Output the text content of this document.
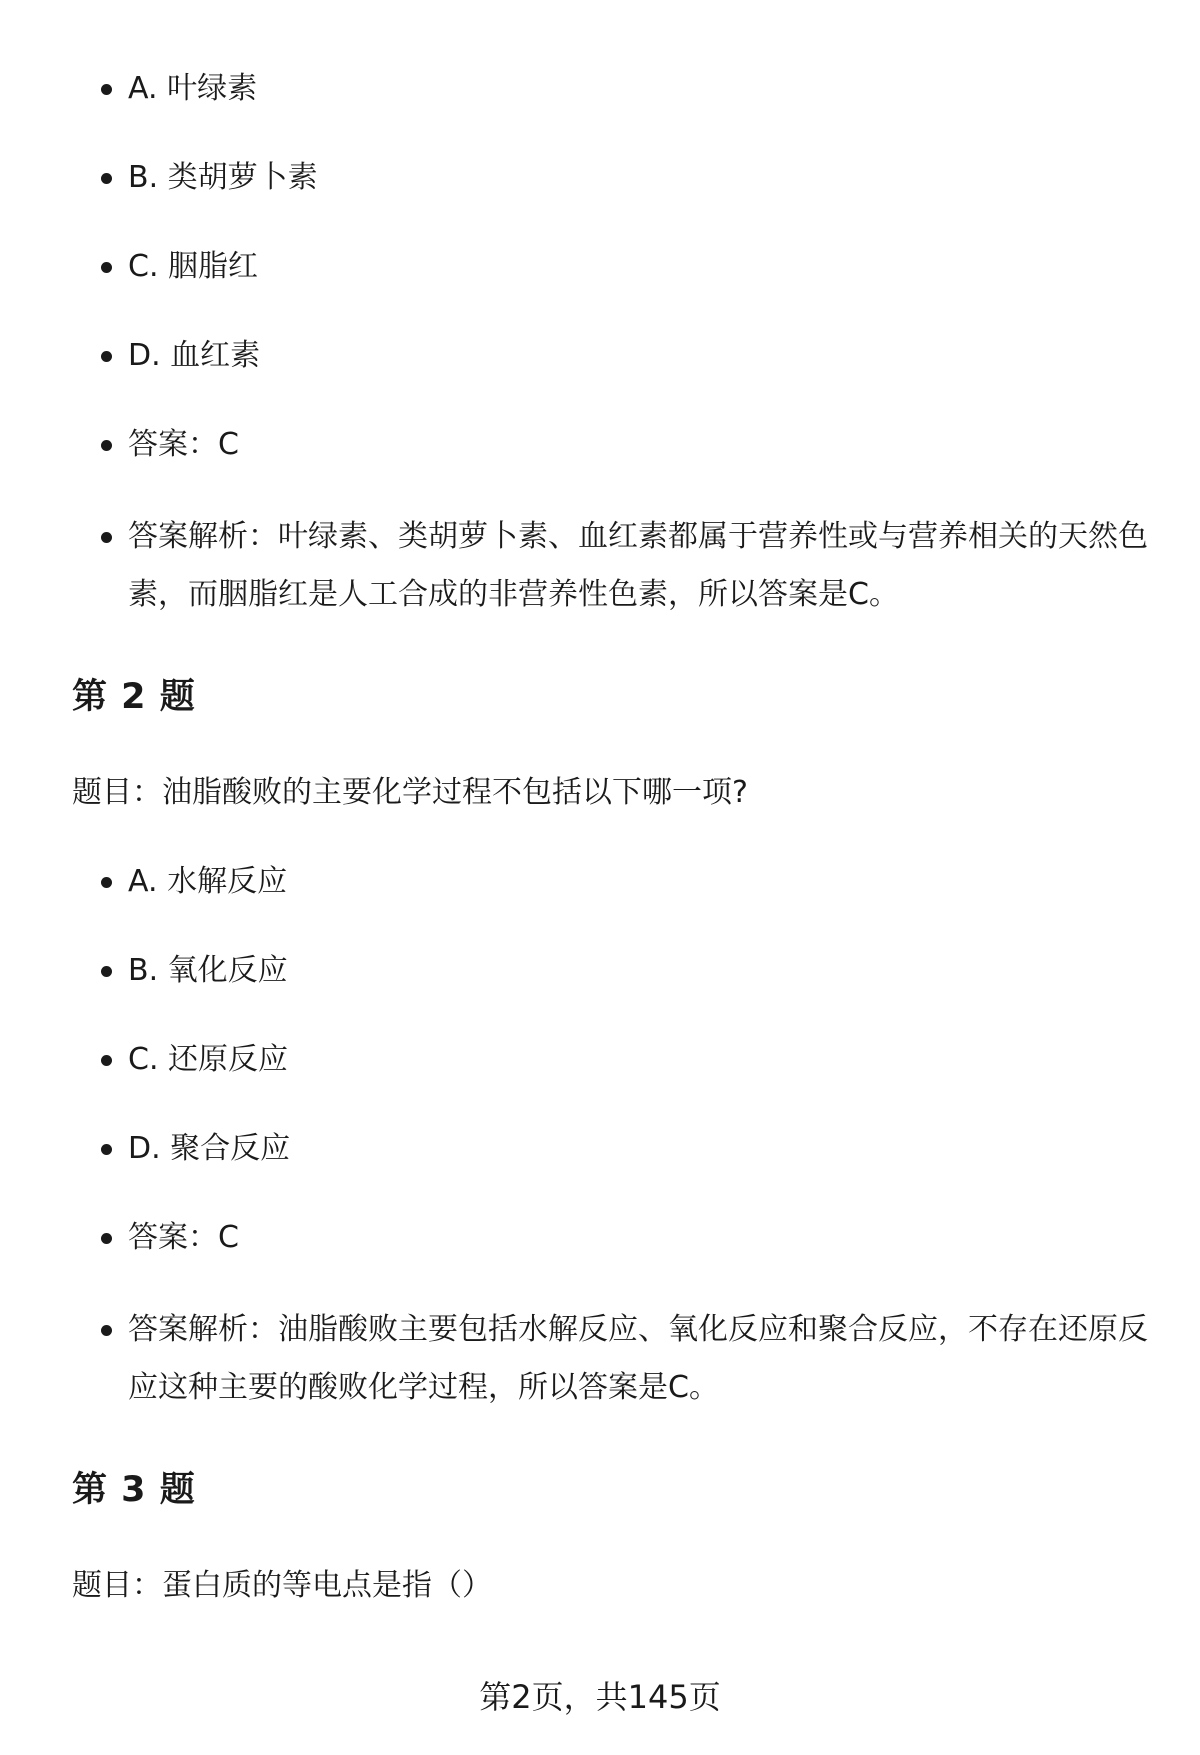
A. 叶绿素
B. 类胡萝卜素
C. 胭脂红
D. 血红素
答案：C
答案解析：叶绿素、类胡萝卜素、血红素都属于营养性或与营养相关的天然色素，而胭脂红是人工合成的非营养性色素，所以答案是C。
第 2 题
题目：油脂酸败的主要化学过程不包括以下哪一项?
A. 水解反应
B. 氧化反应
C. 还原反应
D. 聚合反应
答案：C
答案解析：油脂酸败主要包括水解反应、氧化反应和聚合反应，不存在还原反应这种主要的酸败化学过程，所以答案是C。
第 3 题
题目：蛋白质的等电点是指（）
第2页，共145页
